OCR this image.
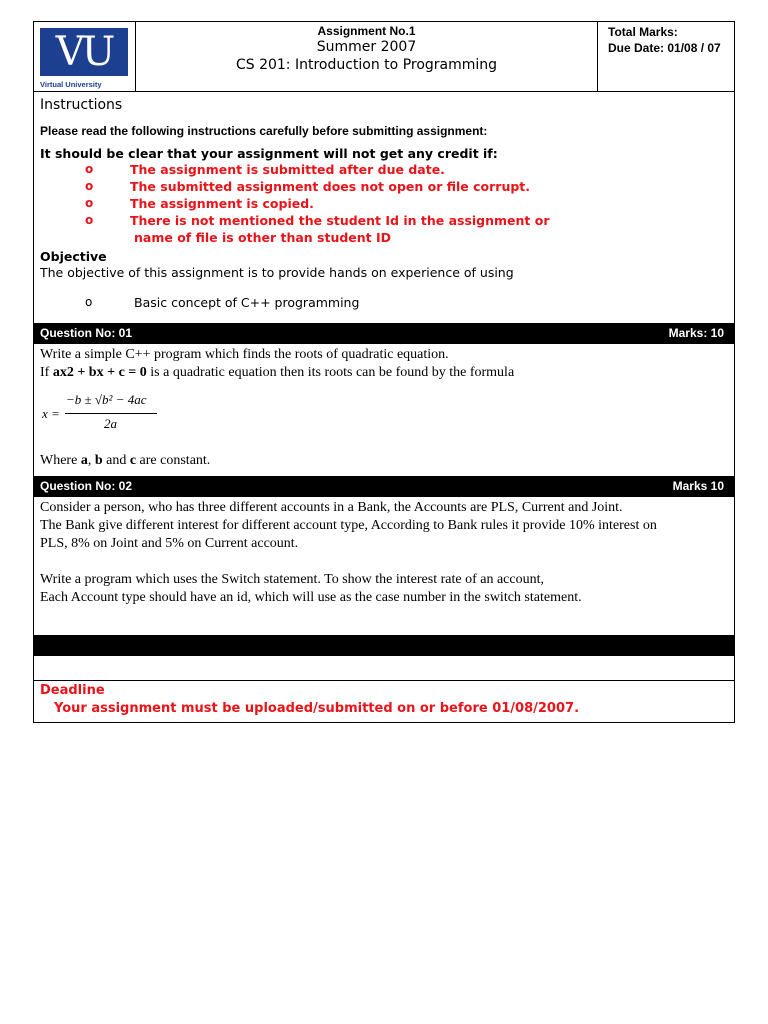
VU
Virtual University

Assignment No.1
Summer 2007
CS 201: Introduction to Programming

Total Marks:
Due Date: 01/08 / 07
Instructions
Please read the following instructions carefully before submitting assignment:
It should be clear that your assignment will not get any credit if:
o	The assignment is submitted after due date.
o	The submitted assignment does not open or file corrupt.
o	The assignment is copied.
o	There is not mentioned the student Id in the assignment or
name of file is other than student ID
Objective
The objective of this assignment is to provide hands on experience of using
o	Basic concept of C++ programming
Question No: 01	Marks: 10
Write a simple C++ program which finds the roots of quadratic equation.
If ax2 + bx + c = 0 is a quadratic equation then its roots can be found by the formula
x =
−b ± √b² − 4ac
2a
Where a, b and c are constant.
Question No: 02	Marks 10
Consider a person, who has three different accounts in a Bank, the Accounts are PLS, Current and Joint.
The Bank give different interest for different account type, According to Bank rules it provide 10% interest on
PLS, 8% on Joint and 5% on Current account.
Write a program which uses the Switch statement. To show the interest rate of an account,
Each Account type should have an id, which will use as the case number in the switch statement.
Deadline
Your assignment must be uploaded/submitted on or before 01/08/2007.
